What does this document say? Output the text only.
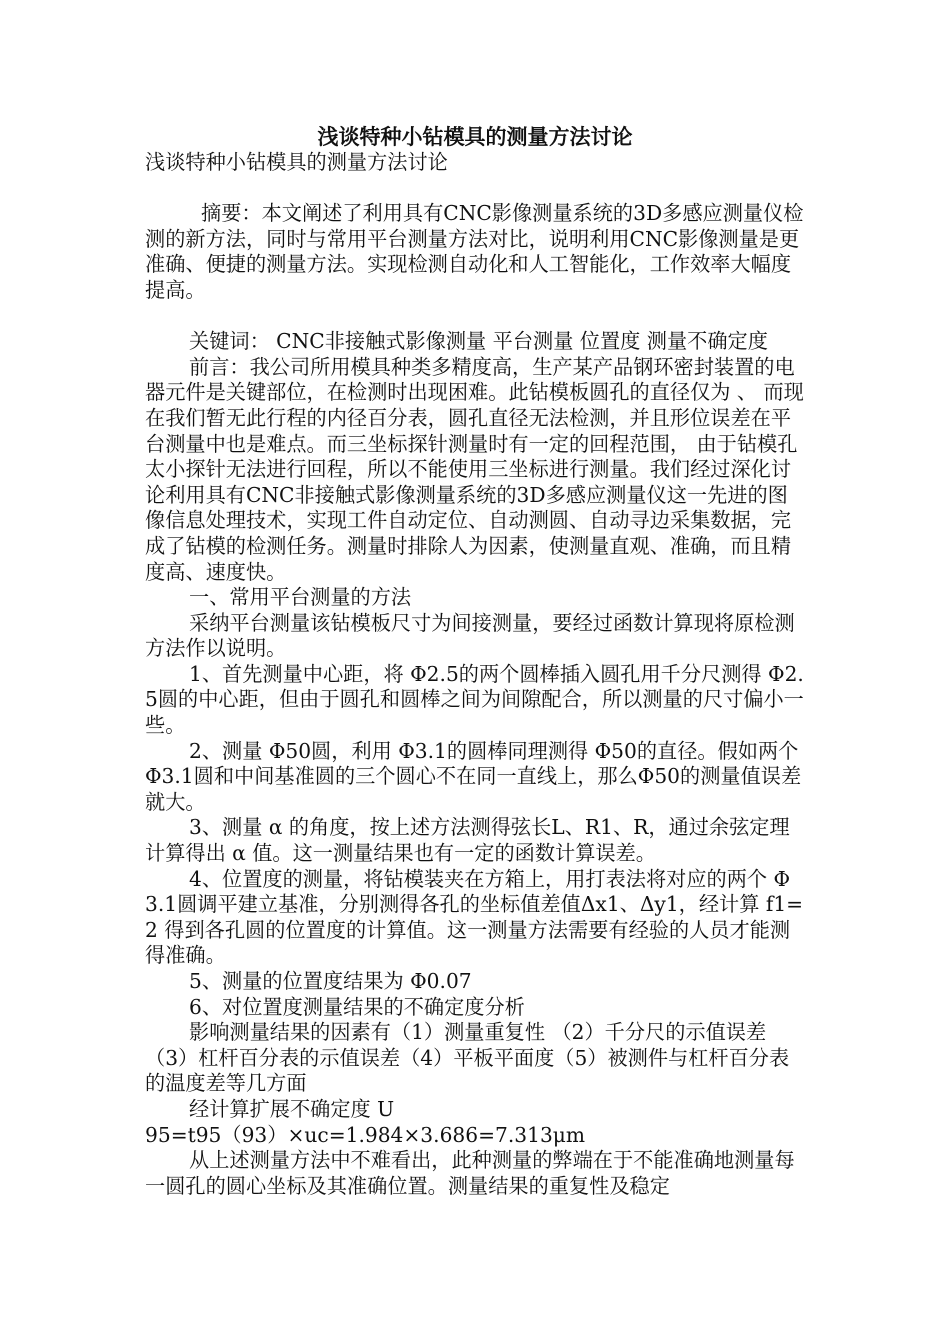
浅谈特种小钻模具的测量方法讨论

浅谈特种小钻模具的测量方法讨论

摘要：本文阐述了利用具有CNC影像测量系统的3D多感应测量仪检测的新方法，同时与常用平台测量方法对比，说明利用CNC影像测量是更准确、便捷的测量方法。实现检测自动化和人工智能化，工作效率大幅度提高。

关键词： CNC非接触式影像测量 平台测量 位置度 测量不确定度

前言：我公司所用模具种类多精度高，生产某产品钢环密封装置的电器元件是关键部位，在检测时出现困难。此钻模板圆孔的直径仅为 、 而现在我们暂无此行程的内径百分表，圆孔直径无法检测，并且形位误差在平台测量中也是难点。而三坐标探针测量时有一定的回程范围， 由于钻模孔太小探针无法进行回程，所以不能使用三坐标进行测量。我们经过深化讨论利用具有CNC非接触式影像测量系统的3D多感应测量仪这一先进的图像信息处理技术，实现工件自动定位、自动测圆、自动寻边采集数据，完成了钻模的检测任务。测量时排除人为因素，使测量直观、准确，而且精度高、速度快。

一、常用平台测量的方法

采纳平台测量该钻模板尺寸为间接测量，要经过函数计算现将原检测方法作以说明。

1、首先测量中心距，将 Φ2.5的两个圆棒插入圆孔用千分尺测得 Φ2.5圆的中心距，但由于圆孔和圆棒之间为间隙配合，所以测量的尺寸偏小一些。

2、测量 Φ50圆，利用 Φ3.1的圆棒同理测得 Φ50的直径。假如两个 Φ3.1圆和中间基准圆的三个圆心不在同一直线上，那么Φ50的测量值误差就大。

3、测量 α 的角度，按上述方法测得弦长L、R1、R，通过余弦定理计算得出 α 值。这一测量结果也有一定的函数计算误差。

4、位置度的测量，将钻模装夹在方箱上，用打表法将对应的两个 Φ3.1圆调平建立基准，分别测得各孔的坐标值差值Δx1、Δy1，经计算 f1=2 得到各孔圆的位置度的计算值。这一测量方法需要有经验的人员才能测得准确。

5、测量的位置度结果为 Φ0.07

6、对位置度测量结果的不确定度分析

影响测量结果的因素有（1）测量重复性 （2）千分尺的示值误差 （3）杠杆百分表的示值误差（4）平板平面度（5）被测件与杠杆百分表的温度差等几方面

经计算扩展不确定度 U

95=t95（93）×uc=1.984×3.686=7.313μm

从上述测量方法中不难看出，此种测量的弊端在于不能准确地测量每一圆孔的圆心坐标及其准确位置。测量结果的重复性及稳定
